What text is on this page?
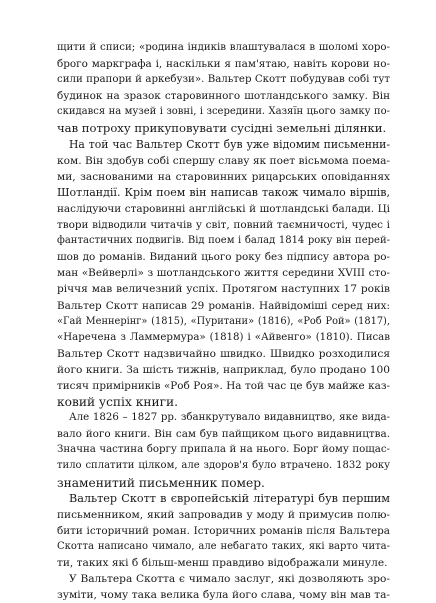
щити й списи; «родина індиків влаштувалася в шоломі хоро-
брого маркграфа і, наскільки я пам'ятаю, навіть корови но-
сили прапори й аркебузи». Вальтер Скотт побудував собі тут
будинок на зразок старовинного шотландського замку. Він
скидався на музей і зовні, і зсередини. Хазяїн цього замку по-
чав потроху прикуповувати сусідні земельні ділянки.
На той час Вальтер Скотт був уже відомим письменни-
ком. Він здобув собі спершу славу як поет вісьмома поема-
ми, заснованими на старовинних рицарських оповіданнях
Шотландії. Крім поем він написав також чимало віршів,
наслідуючи старовинні англійські й шотландські балади. Ці
твори відводили читачів у світ, повний таємничості, чудес і
фантастичних подвигів. Від поем і балад 1814 року він перей-
шов до романів. Виданий цього року без підпису автора ро-
ман «Вейверлі» з шотландського життя середини XVIII сто-
річчя мав величезний успіх. Протягом наступних 17 років
Вальтер Скотт написав 29 романів. Найвідоміші серед них:
«Гай Меннерінг» (1815), «Пуритани» (1816), «Роб Рой» (1817),
«Наречена з Ламмермура» (1818) і «Айвенго» (1810). Писав
Вальтер Скотт надзвичайно швидко. Швидко розходилися
його книги. За шість тижнів, наприклад, було продано 100
тисяч примірників «Роб Роя». На той час це був майже каз-
ковий успіх книги.
Але 1826 – 1827 рр. збанкрутувало видавництво, яке вида-
вало його книги. Він сам був пайщиком цього видавництва.
Значна частина боргу припала й на нього. Борг йому пощас-
тило сплатити цілком, але здоров'я було втрачено. 1832 року
знаменитий письменник помер.
Вальтер Скотт в європейській літературі був першим
письменником, який запровадив у моду й примусив полю-
бити історичний роман. Історичних романів після Вальтера
Скотта написано чимало, але небагато таких, які варто чита-
ти, таких які б більш-менш правдиво відображали минуле.
У Вальтера Скотта є чимало заслуг, які дозволяють зро-
зуміти, чому така велика була його слава, чому він мав та-
